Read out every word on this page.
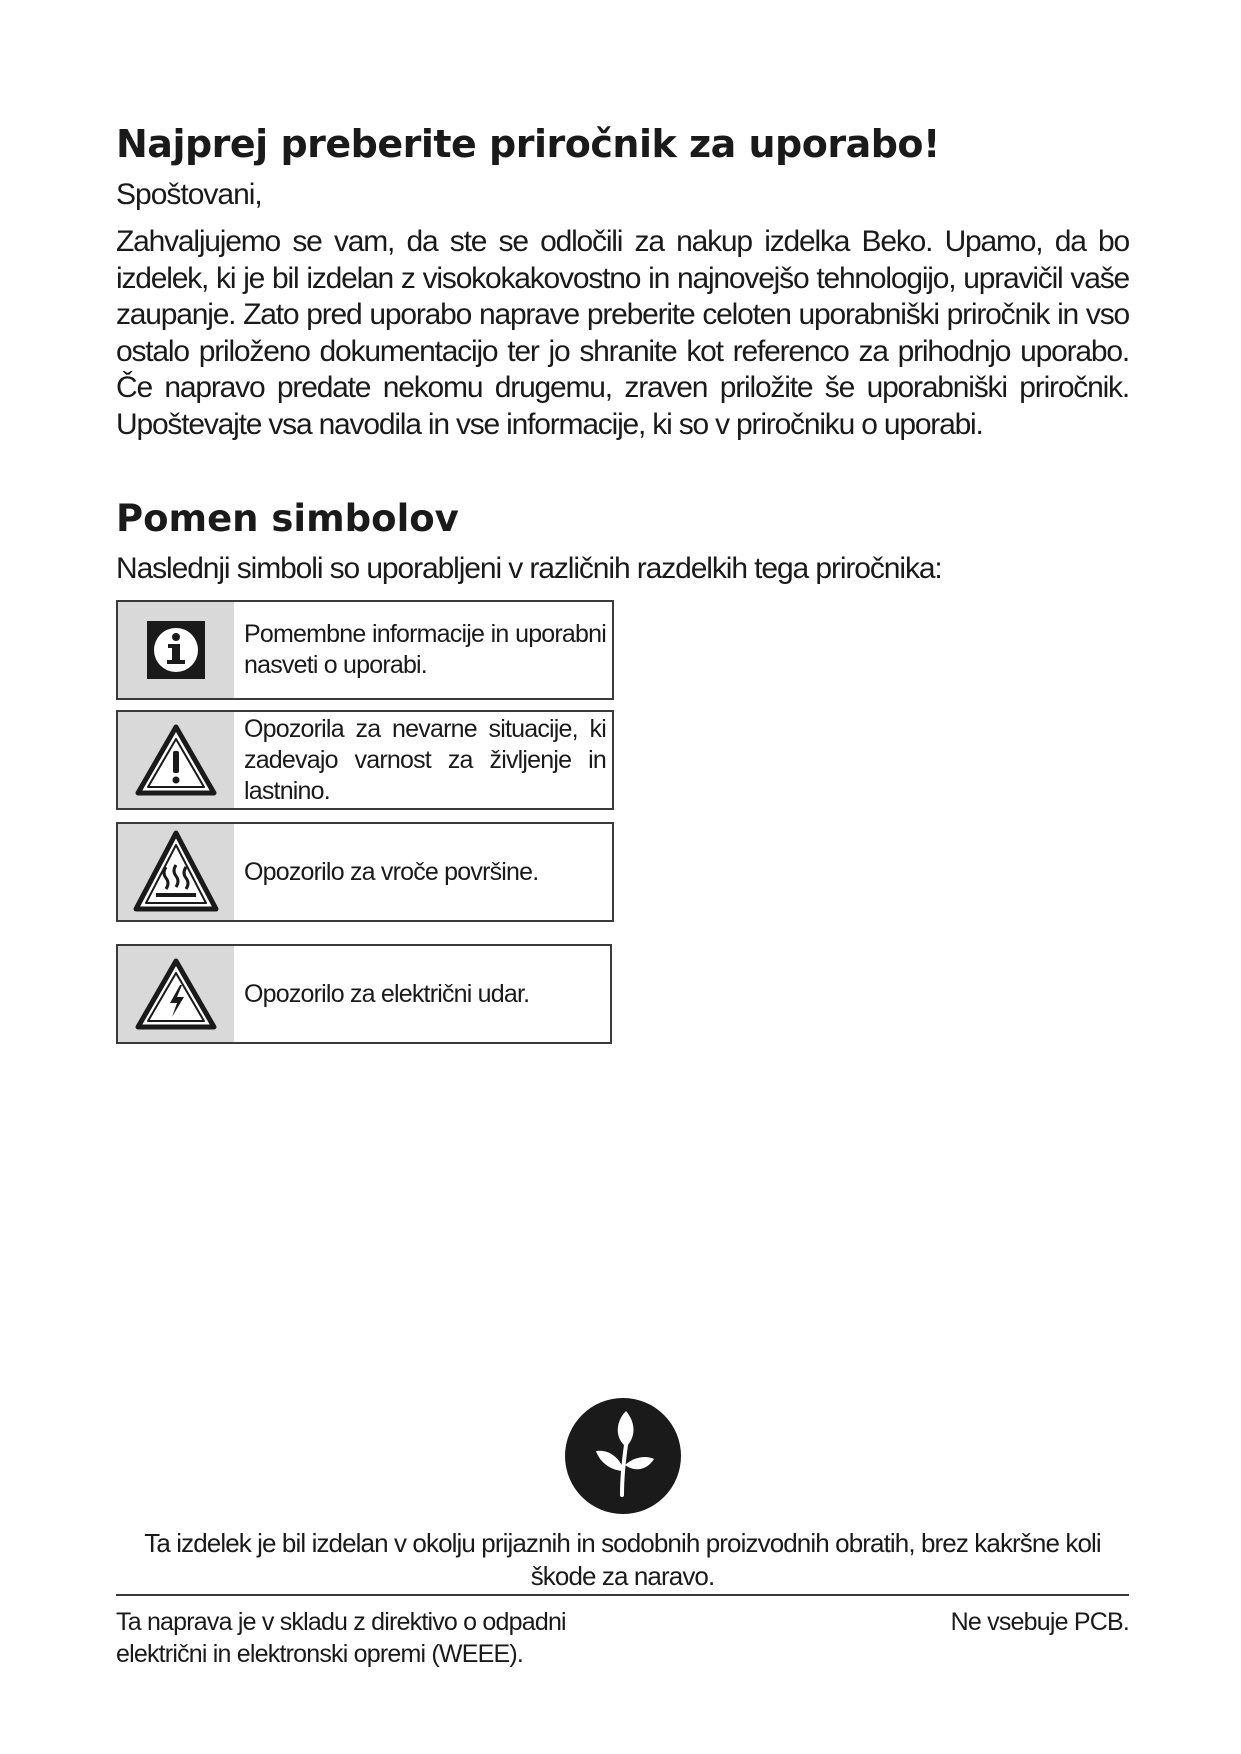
Najprej preberite priročnik za uporabo!
Spoštovani,

Zahvaljujemo se vam, da ste se odločili za nakup izdelka Beko. Upamo, da bo izdelek, ki je bil izdelan z visokokakovostno in najnovejšo tehnologijo, upravičil vaše zaupanje. Zato pred uporabo naprave preberite celoten uporabniški priročnik in vso ostalo priloženo dokumentacijo ter jo shranite kot referenco za prihodnjo uporabo. Če napravo predate nekomu drugemu, zraven priložite še uporabniški priročnik. Upoštevajte vsa navodila in vse informacije, ki so v priročniku o uporabi.

Pomen simbolov

Naslednji simboli so uporabljeni v različnih razdelkih tega priročnika:

Pomembne informacije in uporabni nasveti o uporabi.
Opozorila za nevarne situacije, ki zadevajo varnost za življenje in lastnino.
Opozorilo za vroče površine.
Opozorilo za električni udar.

Ta izdelek je bil izdelan v okolju prijaznih in sodobnih proizvodnih obratih, brez kakršne koli škode za naravo.

Ta naprava je v skladu z direktivo o odpadni električni in elektronski opremi (WEEE).

Ne vsebuje PCB.
